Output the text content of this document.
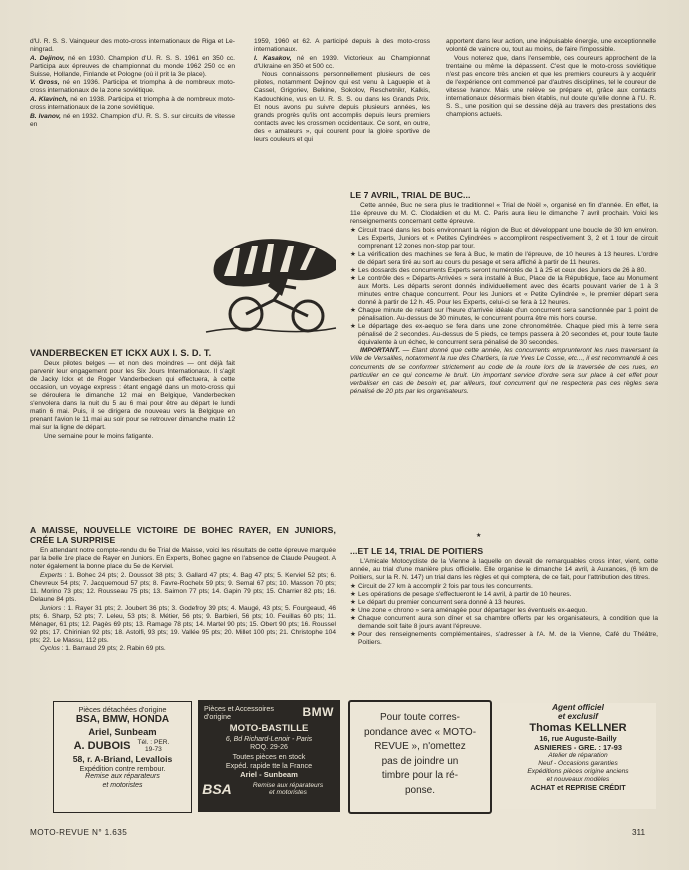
d'U. R. S. S. Vainqueur des moto-cross internationaux de Riga et Le-ningrad.

A. Dejinov, né en 1930. Champion d'U. R. S. S. 1961 en 350 cc. Participa aux épreuves de championnat du monde 1962 250 cc en Suisse, Hollande, Finlande et Pologne (où il prit la 3e place).

V. Gross, né en 1936. Participa et triompha à de nombreux moto-cross internationaux de la zone soviétique.

A. Klavinch, né en 1938. Participa et triompha à de nombreux moto-cross internationaux de la zone soviétique.

B. Ivanov, né en 1932. Champion d'U. R. S. S. sur circuits de vitesse en

1959, 1960 et 62. A participé depuis à des moto-cross internationaux.

I. Kasakov, né en 1939. Victorieux au Championnat d'Ukraine en 350 et 500 cc.

Nous connaissons personnellement plusieurs de ces pilotes, notamment Dejinov qui est venu à Laguepie et à Cassel, Grigoriev, Belkine, Sokolov, Reschetnikr, Kalkis, Kadouchkine, vus en U. R. S. S. ou dans les Grands Prix. Et nous avons pu suivre depuis plusieurs années, les grands progrès qu'ils ont accomplis depuis leurs premiers contacts avec les crossmen occidentaux. Ce sont, en outre, des « amateurs », qui courent pour la gloire sportive de leurs couleurs et qui

apportent dans leur action, une inépuisable énergie, une exceptionnelle volonté de vaincre ou, tout au moins, de faire l'impossible.

Vous noterez que, dans l'ensemble, ces coureurs approchent de la trentaine ou même la dépassent. C'est que le moto-cross soviétique n'est pas encore très ancien et que les premiers coureurs à y acquérir de l'expérience ont commencé par d'autres disciplines, tel le coureur de vitesse Ivanov. Mais une relève se prépare et, grâce aux contacts internationaux désormais bien établis, nul doute qu'elle donne à l'U. R. S. S., une position qui se dessine déjà au travers des prestations des champions actuels.

VANDERBECKEN ET ICKX AUX I. S. D. T.

Deux pilotes belges — et non des moindres — ont déjà fait parvenir leur engagement pour les Six Jours Internationaux. Il s'agit de Jacky Ickx et de Roger Vanderbecken qui effectuera, à cette occasion, un voyage express : étant engagé dans un moto-cross qui se déroulera le dimanche 12 mai en Belgique, Vanderbecken s'envolera dans la nuit du 5 au 6 mai pour être au départ le lundi matin 6 mai. Puis, il se dirigera de nouveau vers la Belgique en prenant l'avion le 11 mai au soir pour se retrouver dimanche matin 12 mai sur la ligne de départ.

Une semaine pour le moins fatigante.

A MAISSE, NOUVELLE VICTOIRE DE BOHEC RAYER, EN JUNIORS, CRÉE LA SURPRISE

En attendant notre compte-rendu du 6e Trial de Maisse, voici les résultats de cette épreuve marquée par la belle 1re place de Rayer en Juniors. En Experts, Bohec gagne en l'absence de Claude Peugeot. A noter également la bonne place du 5e de Kerviel.

Experts : 1. Bohec 24 pts; 2. Doussot 38 pts; 3. Gallard 47 pts; 4. Bag 47 pts; 5. Kerviel 52 pts; 6. Chevreux 54 pts; 7. Jacquemoud 57 pts; 8. Favre-Rochelx 59 pts; 9. Semal 67 pts; 10. Masson 70 pts; 11. Morino 73 pts; 12. Rousseau 75 pts; 13. Saimon 77 pts; 14. Gapin 79 pts; 15. Charrier 82 pts; 16. Delaune 84 pts.

Juniors : 1. Rayer 31 pts; 2. Joubert 36 pts; 3. Godefroy 39 pts; 4. Maugé, 43 pts; 5. Fourgeaud, 46 pts; 6. Sharp, 52 pts; 7. Leleu, 53 pts; 8. Métier, 56 pts; 9. Barbieri, 56 pts; 10. Feuillas 60 pts; 11. Ménager, 61 pts; 12. Pagès 69 pts; 13. Ramage 78 pts; 14. Martel 90 pts; 15. Obert 90 pts; 16. Roussel 92 pts; 17. Chirinian 92 pts; 18. Astolfi, 93 pts; 19. Vallée 95 pts; 20. Millet 100 pts; 21. Christophe 104 pts; 22. Le Massu, 112 pts.

Cyclos : 1. Barraud 29 pts; 2. Rabin 69 pts.

LE 7 AVRIL, TRIAL DE BUC...

Cette année, Buc ne sera plus le traditionnel « Trial de Noël », organisé en fin d'année. En effet, la 11e épreuve du M. C. Clodaldien et du M. C. Paris aura lieu le dimanche 7 avril prochain. Voici les renseignements concernant cette épreuve.

★ Circuit tracé dans les bois environnant la région de Buc et développant une boucle de 30 km environ. Les Experts, Juniors et « Petites Cylindrées » accompliront respectivement 3, 2 et 1 tour de circuit comprenant 12 zones non-stop par tour.
★ La vérification des machines se fera à Buc, le matin de l'épreuve, de 10 heures à 13 heures. L'ordre de départ sera tiré au sort au cours du pesage et sera affiché à partir de 11 heures.
★ Les dossards des concurrents Experts seront numérotés de 1 à 25 et ceux des Juniors de 26 à 80.
★ Le contrôle des « Départs-Arrivées » sera installé à Buc, Place de la République, face au Monument aux Morts. Les départs seront donnés individuellement avec des écarts pouvant varier de 1 à 3 minutes entre chaque concurrent. Pour les Juniors et « Petite Cylindrée », le premier départ sera donné à partir de 12 h. 45. Pour les Experts, celui-ci se fera à 12 heures.
★ Chaque minute de retard sur l'heure d'arrivée idéale d'un concurrent sera sanctionnée par 1 point de pénalisation. Au-dessus de 30 minutes, le concurrent pourra être mis hors course.
★ Le départage des ex-aequo se fera dans une zone chronométrée. Chaque pied mis à terre sera pénalisé de 2 secondes. Au-dessus de 5 pieds, ce temps passera à 20 secondes et, pour toute faute équivalente à un échec, le concurrent sera pénalisé de 30 secondes.

IMPORTANT. — Etant donné que cette année, les concurrents emprunteront les rues traversant la Ville de Versailles, notamment la rue des Chartiers, la rue Yves Le Cosse, etc..., il est recommandé à ces concurrents de se conformer strictement au code de la route lors de la traversée de ces rues, en particulier en ce qui concerne le bruit. Un important service d'ordre sera sur place à cet effet pour verbaliser en cas de besoin et, par ailleurs, tout concurrent qui ne respectera pas ces règles sera pénalisé de 20 pts par les organisateurs.

★
...ET LE 14, TRIAL DE POITIERS

L'Amicale Motocycliste de la Vienne à laquelle on devait de remarquables cross inter, vient, cette année, au trial d'une manière plus officielle. Elle organise le dimanche 14 avril, à Auxances, (6 km de Poitiers, sur la R. N. 147) un trial dans les règles et qui comptera, de ce fait, pour l'attribution des titres.

★ Circuit de 27 km à accomplir 2 fois par tous les concurrents.
★ Les opérations de pesage s'effectueront le 14 avril, à partir de 10 heures.
★ Le départ du premier concurrent sera donné à 13 heures.
★ Une zone « chrono » sera aménagée pour départager les éventuels ex-aequo.
★ Chaque concurrent aura son dîner et sa chambre offerts par les organisateurs, à condition que la demande soit faite 8 jours avant l'épreuve.
★ Pour des renseignements complémentaires, s'adresser à l'A. M. de la Vienne, Café du Théâtre, Poitiers.
Pièces détachées d'origine
BSA, BMW, HONDA
Ariel, Sunbeam
A. DUBOIS	Tél. : PER. 19-73
58, r. A-Briand, Levallois
Expédition contre rembour.
Remise aux réparateurs
et motoristes
BMW
Pièces et Accessoires
d'origine
MOTO-BASTILLE
6, Bd Richard-Lenoir - Paris
ROQ. 29-26
Toutes pièces en stock
Expéd. rapide tte la France
Ariel - Sunbeam
BSA	Remise aux réparateurs
et motoristes
Pour toute corres-
pondance avec « MOTO-
REVUE », n'omettez
pas de joindre un
timbre pour la ré-
ponse.
Agent officiel
et exclusif
Thomas KELLNER
16, rue Auguste-Bailly
ASNIERES - GRE. : 17-93
Atelier de réparation
Neuf - Occasions garanties
Expéditions pièces origine anciens
et nouveaux modèles
ACHAT et REPRISE CRÉDIT
MOTO-REVUE N° 1.635	311
